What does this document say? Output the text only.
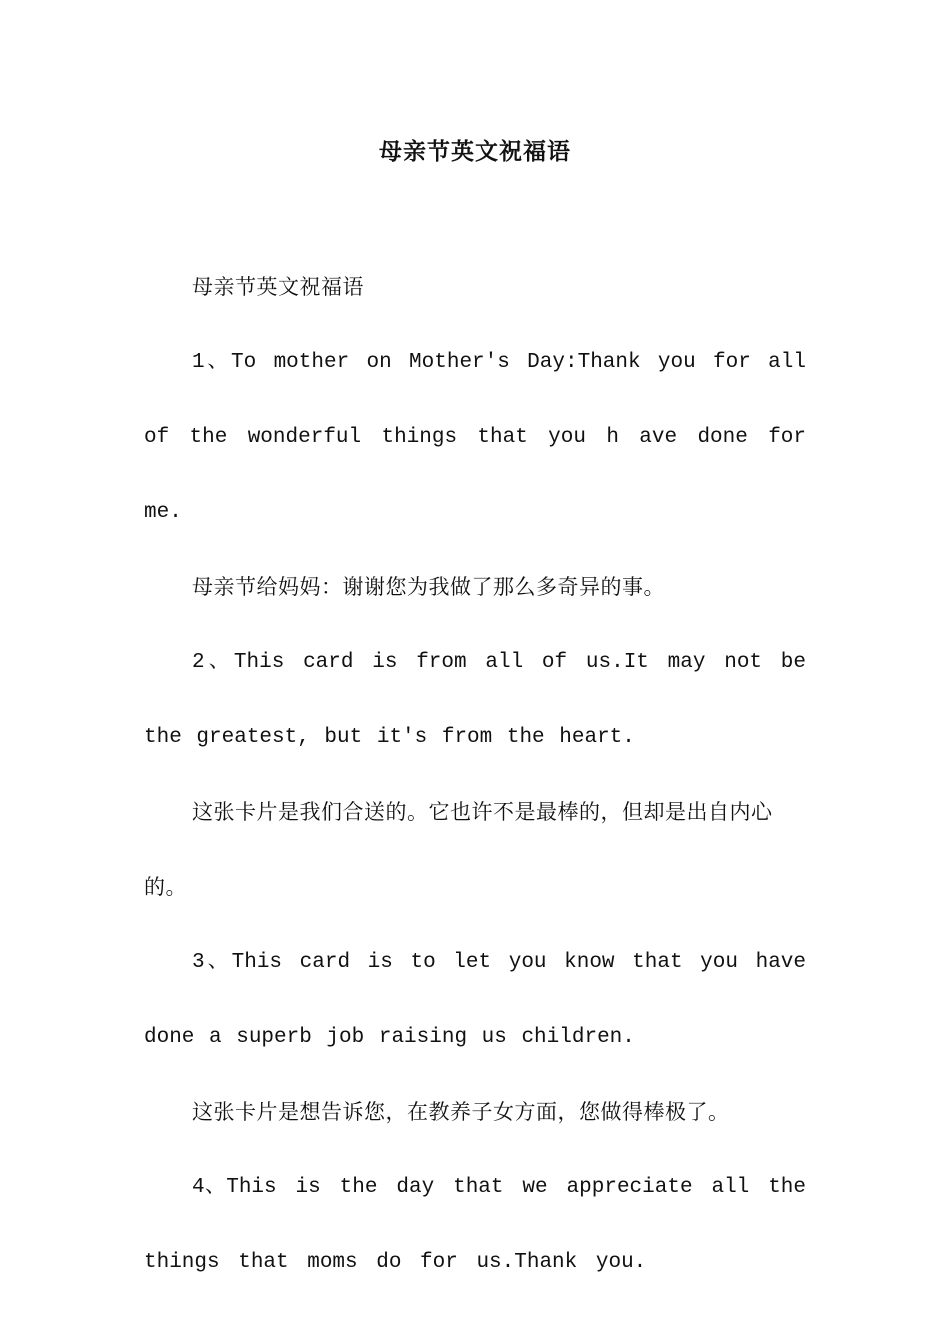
母亲节英文祝福语

母亲节英文祝福语

1、To mother on Mother's Day:Thank you for all of the wonderful things that you h ave done for me.

母亲节给妈妈：谢谢您为我做了那么多奇异的事。

2、This card is from all of us.It may not be the greatest, but it's from the heart.

这张卡片是我们合送的。它也许不是最棒的，但却是出自内心的。

3、This card is to let you know that you have done a superb job raising us children.

这张卡片是想告诉您，在教养子女方面，您做得棒极了。

4、This is the day that we appreciate all the things that moms do for us.Thank you.
